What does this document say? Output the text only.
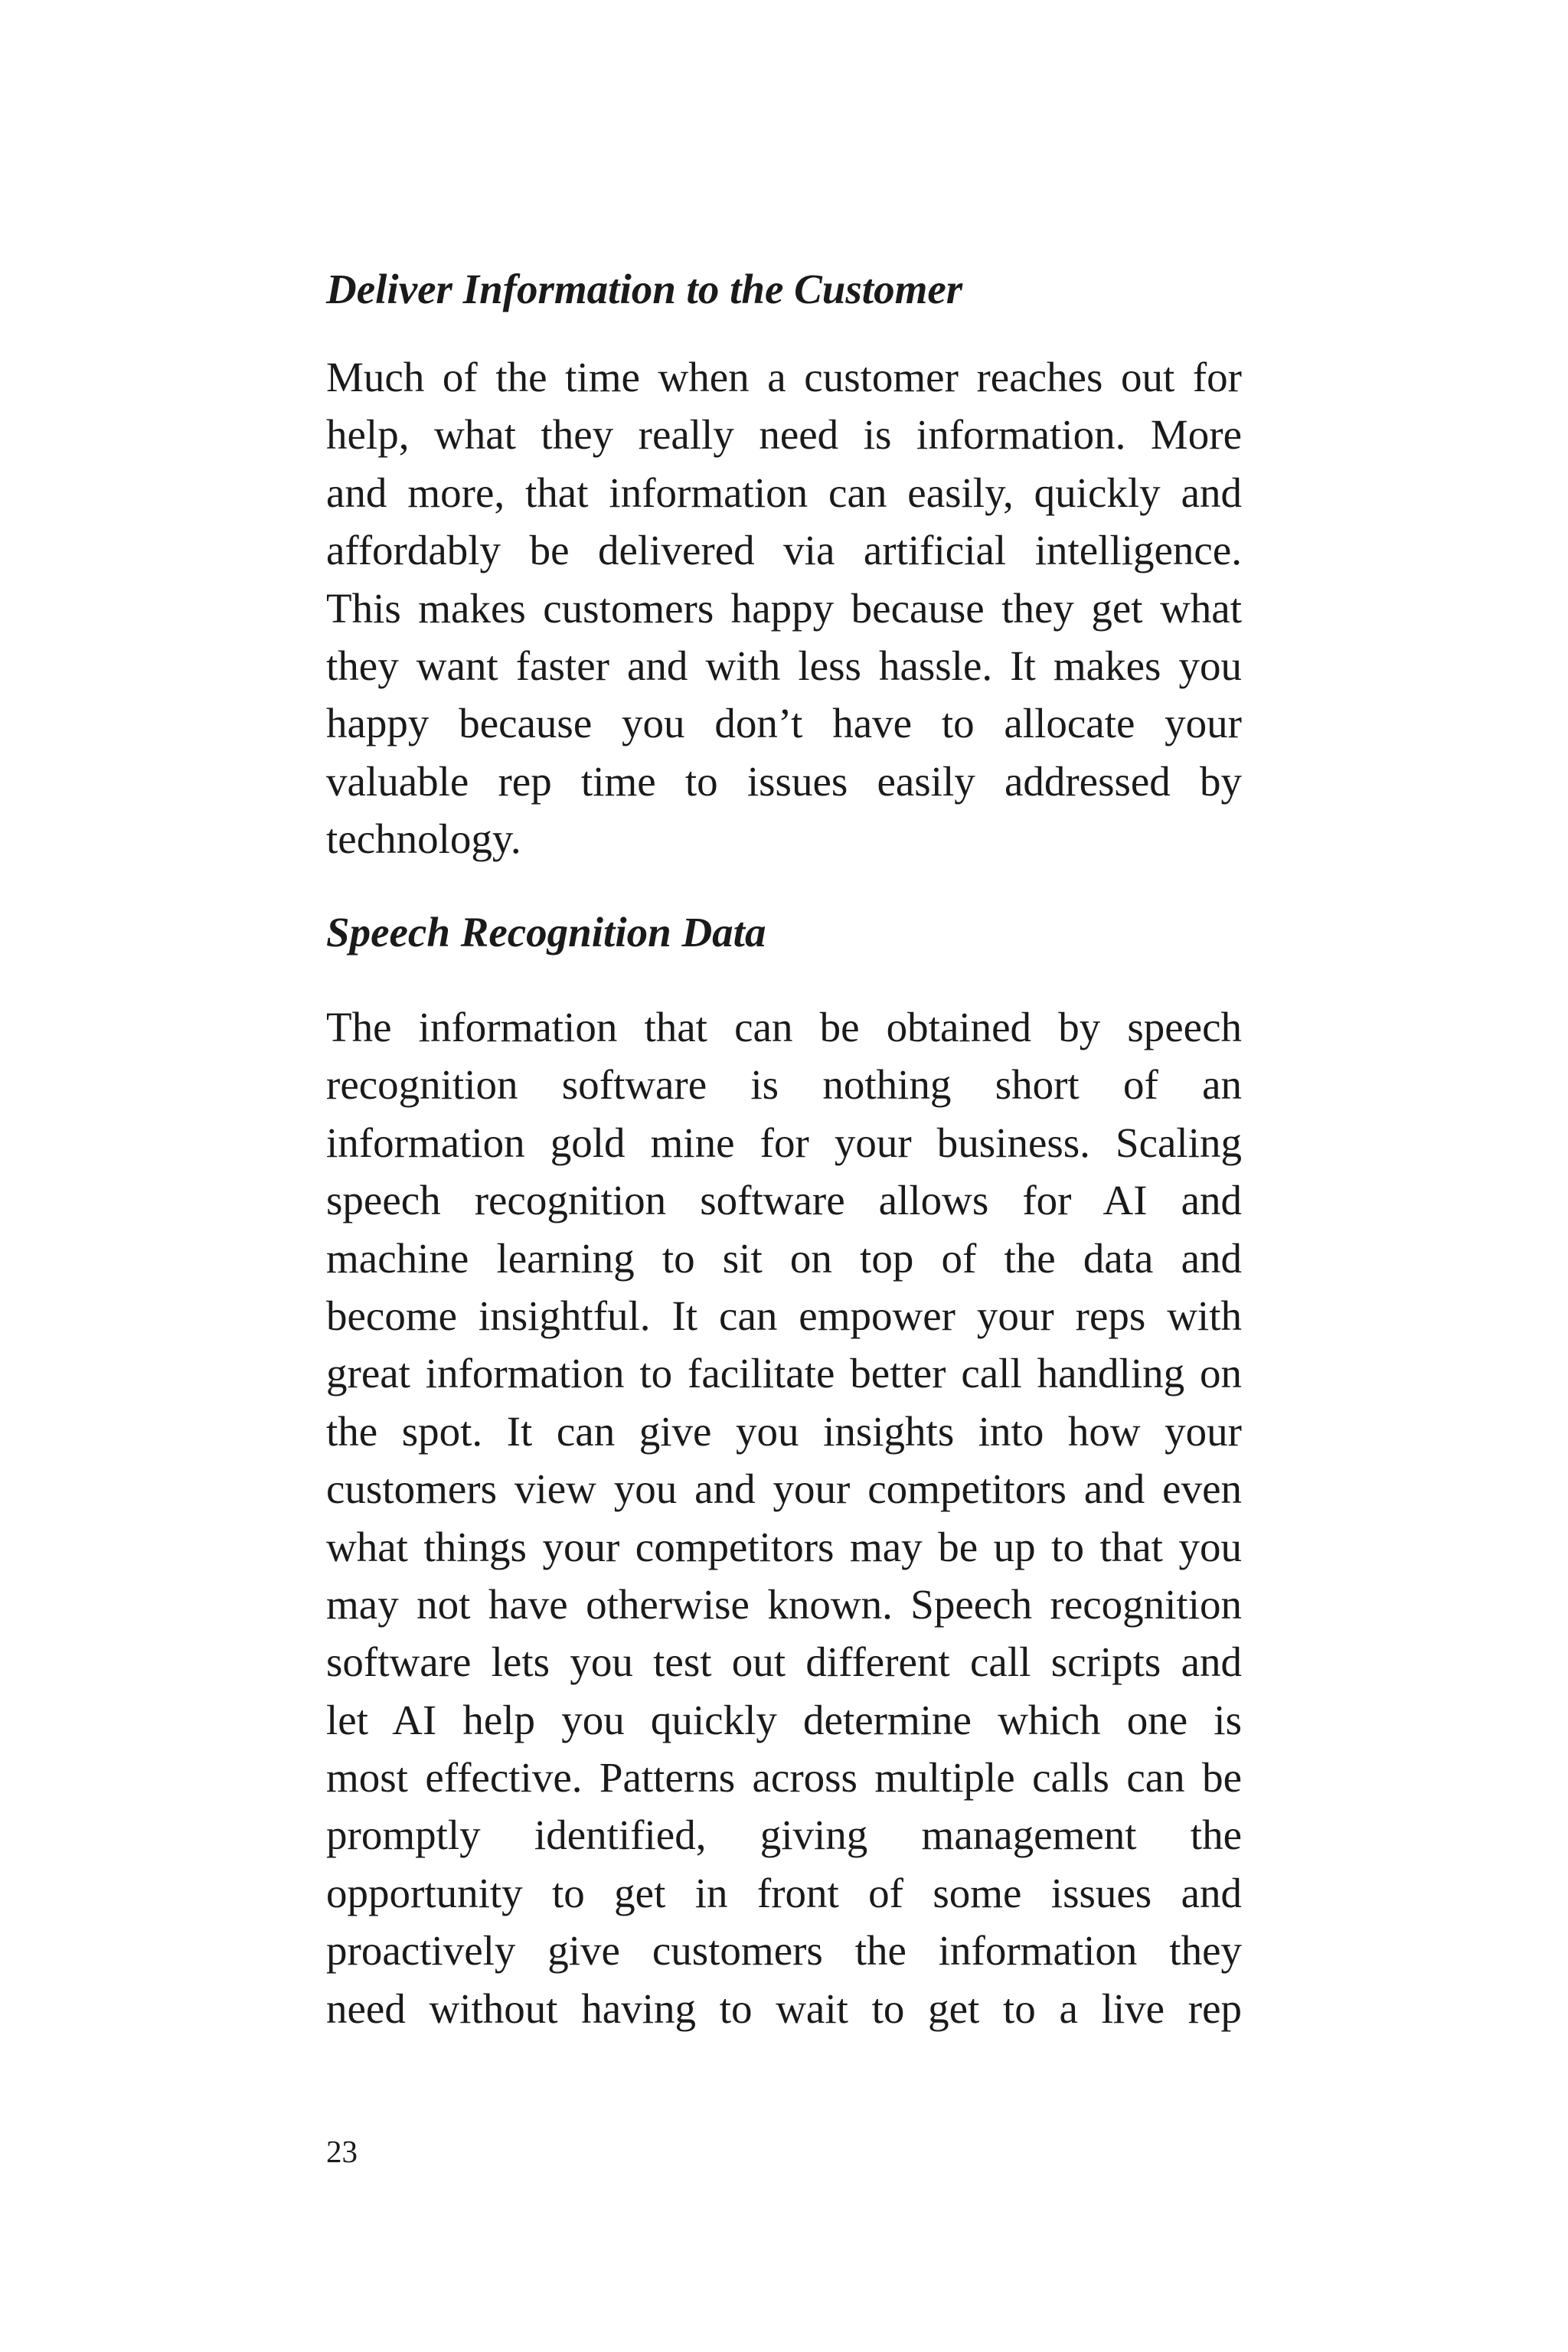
Deliver Information to the Customer
Much of the time when a customer reaches out for
help, what they really need is information. More
and more, that information can easily, quickly and
affordably be delivered via artificial intelligence.
This makes customers happy because they get what
they want faster and with less hassle. It makes you
happy because you don’t have to allocate your
valuable rep time to issues easily addressed by
technology.
Speech Recognition Data
The information that can be obtained by speech
recognition software is nothing short of an
information gold mine for your business. Scaling
speech recognition software allows for AI and
machine learning to sit on top of the data and
become insightful. It can empower your reps with
great information to facilitate better call handling on
the spot. It can give you insights into how your
customers view you and your competitors and even
what things your competitors may be up to that you
may not have otherwise known. Speech recognition
software lets you test out different call scripts and
let AI help you quickly determine which one is
most effective. Patterns across multiple calls can be
promptly identified, giving management the
opportunity to get in front of some issues and
proactively give customers the information they
need without having to wait to get to a live rep
23
